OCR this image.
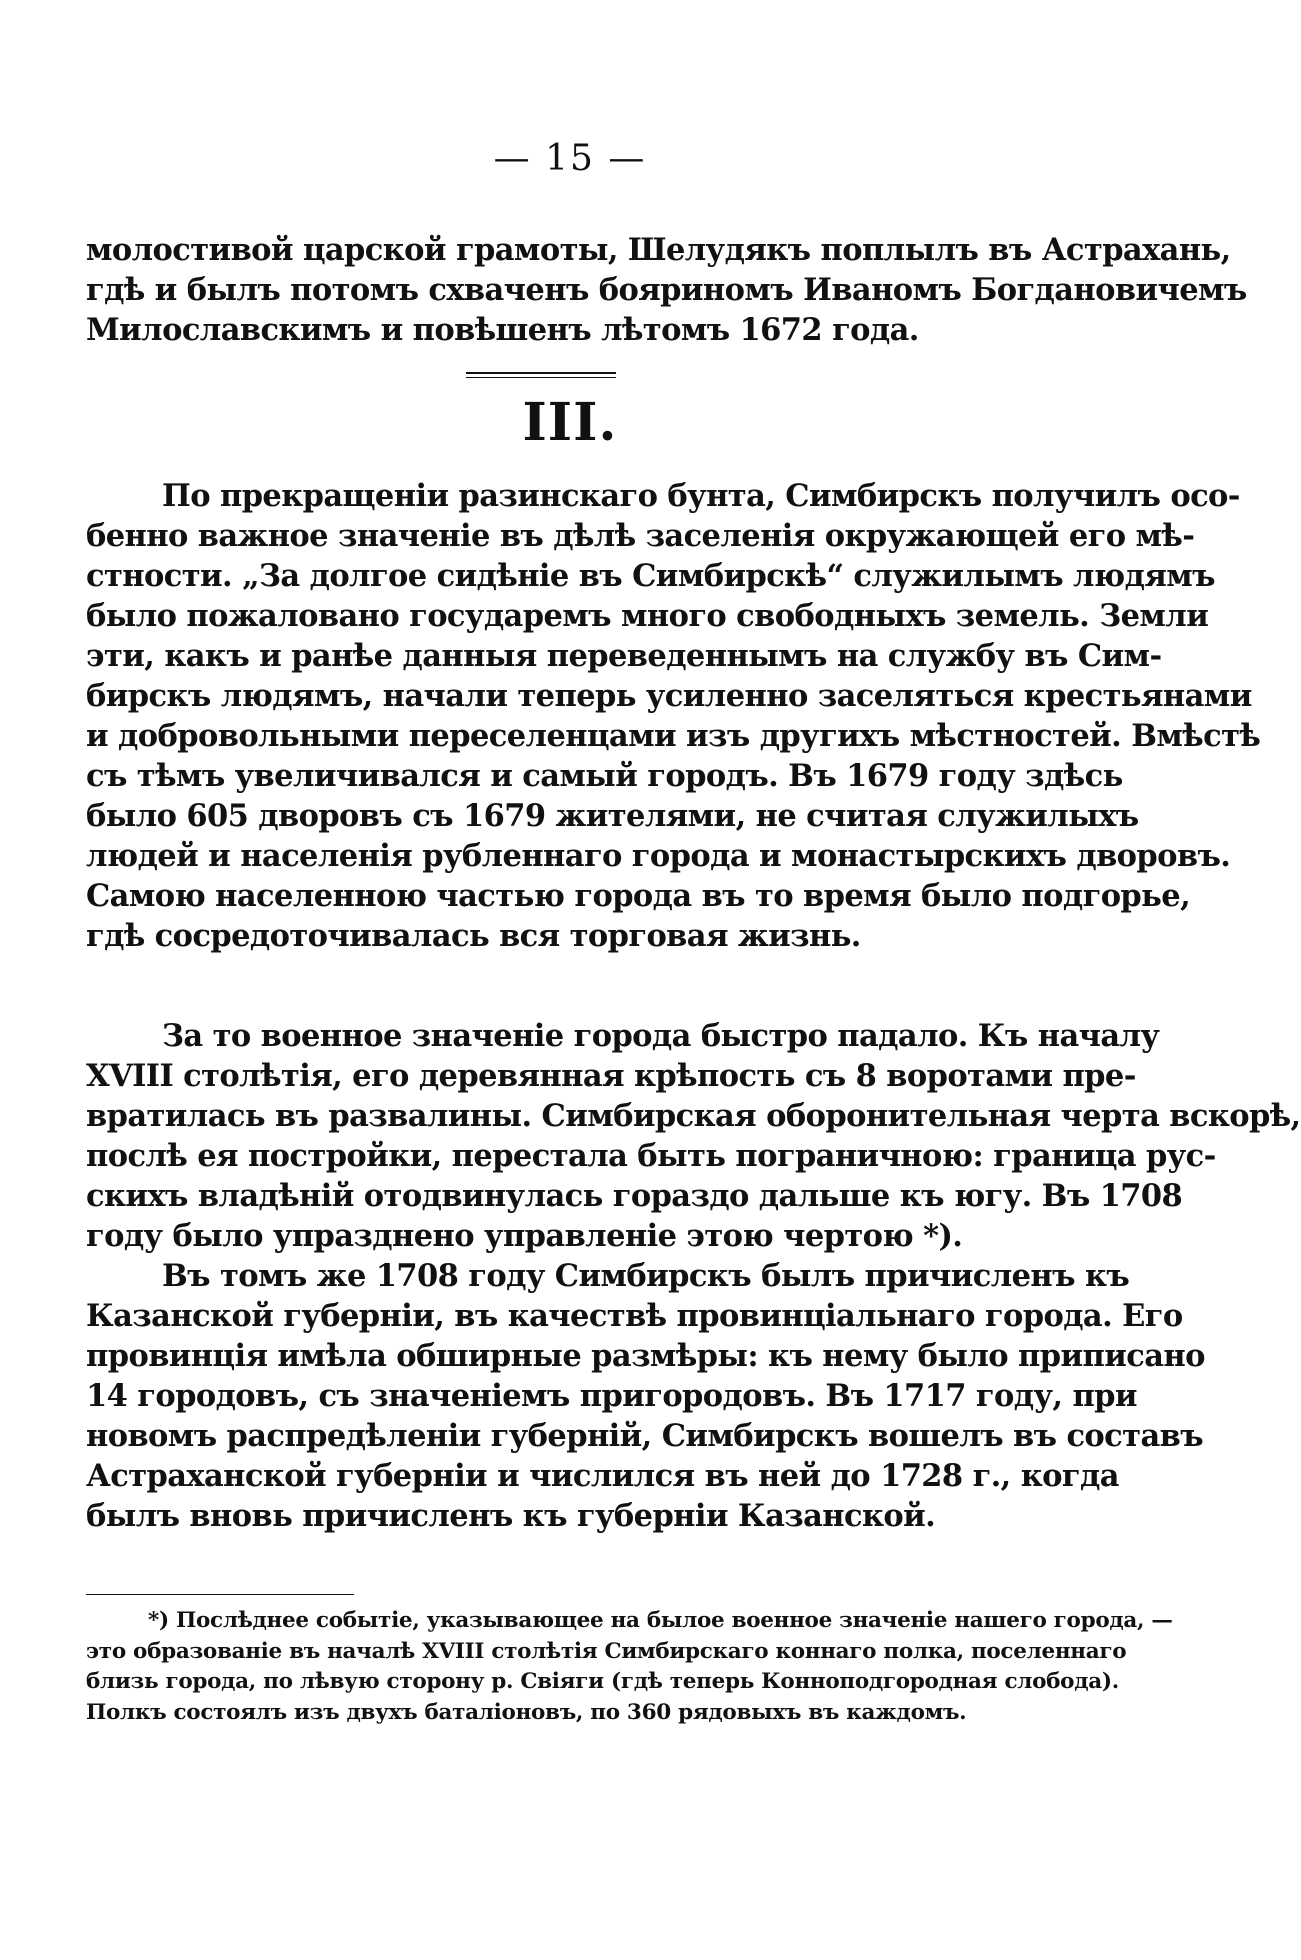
— 15 —
молостивой царской грамоты, Шелудякъ поплылъ въ Астрахань,
гдѣ и былъ потомъ схваченъ бояриномъ Иваномъ Богдановичемъ
Милославскимъ и повѣшенъ лѣтомъ 1672 года.
III.
По прекращеніи разинскаго бунта, Симбирскъ получилъ осо-
бенно важное значеніе въ дѣлѣ заселенія окружающей его мѣ-
стности. „За долгое сидѣніе въ Симбирскѣ“ служилымъ людямъ
было пожаловано государемъ много свободныхъ земель. Земли
эти, какъ и ранѣе данныя переведеннымъ на службу въ Сим-
бирскъ людямъ, начали теперь усиленно заселяться крестьянами
и добровольными переселенцами изъ другихъ мѣстностей. Вмѣстѣ
съ тѣмъ увеличивался и самый городъ. Въ 1679 году здѣсь
было 605 дворовъ съ 1679 жителями, не считая служилыхъ
людей и населенія рубленнаго города и монастырскихъ дворовъ.
Самою населенною частью города въ то время было подгорье,
гдѣ сосредоточивалась вся торговая жизнь.
За то военное значеніе города быстро падало. Къ началу
XVIII столѣтія, его деревянная крѣпость съ 8 воротами пре-
вратилась въ развалины. Симбирская оборонительная черта вскорѣ,
послѣ ея постройки, перестала быть пограничною: граница рус-
скихъ владѣній отодвинулась гораздо дальше къ югу. Въ 1708
году было упразднено управленіе этою чертою *).
Въ томъ же 1708 году Симбирскъ былъ причисленъ къ
Казанской губерніи, въ качествѣ провинціальнаго города. Его
провинція имѣла обширные размѣры: къ нему было приписано
14 городовъ, съ значеніемъ пригородовъ. Въ 1717 году, при
новомъ распредѣленіи губерній, Симбирскъ вошелъ въ составъ
Астраханской губерніи и числился въ ней до 1728 г., когда
былъ вновь причисленъ къ губерніи Казанской.
*) Послѣднее событіе, указывающее на былое военное значеніе нашего города, —
это образованіе въ началѣ XVIII столѣтія Симбирскаго коннаго полка, поселеннаго
близь города, по лѣвую сторону р. Свіяги (гдѣ теперь Конноподгородная слобода).
Полкъ состоялъ изъ двухъ баталіоновъ, по 360 рядовыхъ въ каждомъ.
